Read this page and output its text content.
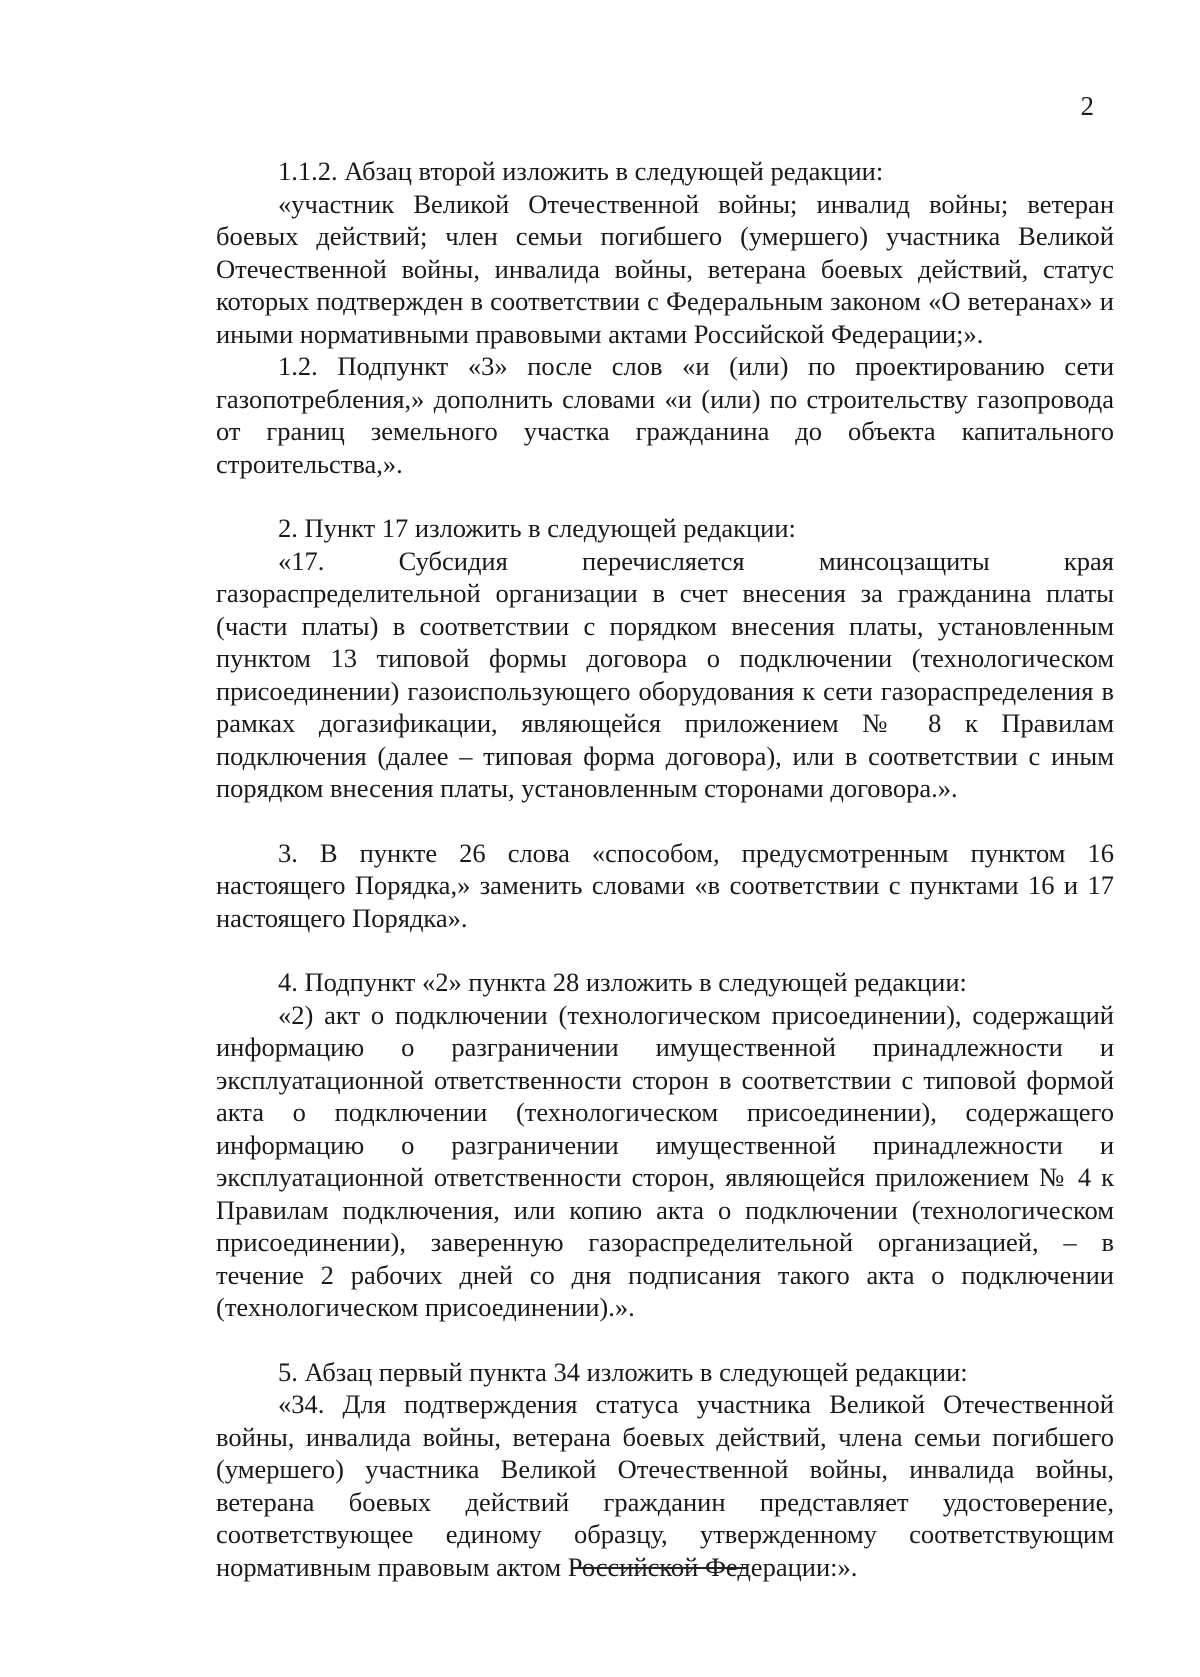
2

1.1.2. Абзац второй изложить в следующей редакции:

«участник Великой Отечественной войны; инвалид войны; ветеран боевых действий; член семьи погибшего (умершего) участника Великой Отечественной войны, инвалида войны, ветерана боевых действий, статус которых подтвержден в соответствии с Федеральным законом «О ветеранах» и иными нормативными правовыми актами Российской Федерации;».

1.2. Подпункт «3» после слов «и (или) по проектированию сети газопотребления,» дополнить словами «и (или) по строительству газопровода от границ земельного участка гражданина до объекта капитального строительства,».

2. Пункт 17 изложить в следующей редакции:

«17. Субсидия перечисляется минсоцзащиты края газораспределительной организации в счет внесения за гражданина платы (части платы) в соответствии с порядком внесения платы, установленным пунктом 13 типовой формы договора о подключении (технологическом присоединении) газоиспользующего оборудования к сети газораспределения в рамках догазификации, являющейся приложением № 8 к Правилам подключения (далее – типовая форма договора), или в соответствии с иным порядком внесения платы, установленным сторонами договора.».

3. В пункте 26 слова «способом, предусмотренным пунктом 16 настоящего Порядка,» заменить словами «в соответствии с пунктами 16 и 17 настоящего Порядка».

4. Подпункт «2» пункта 28 изложить в следующей редакции:

«2) акт о подключении (технологическом присоединении), содержащий информацию о разграничении имущественной принадлежности и эксплуатационной ответственности сторон в соответствии с типовой формой акта о подключении (технологическом присоединении), содержащего информацию о разграничении имущественной принадлежности и эксплуатационной ответственности сторон, являющейся приложением № 4 к Правилам подключения, или копию акта о подключении (технологическом присоединении), заверенную газораспределительной организацией, – в течение 2 рабочих дней со дня подписания такого акта о подключении (технологическом присоединении).».

5. Абзац первый пункта 34 изложить в следующей редакции:

«34. Для подтверждения статуса участника Великой Отечественной войны, инвалида войны, ветерана боевых действий, члена семьи погибшего (умершего) участника Великой Отечественной войны, инвалида войны, ветерана боевых действий гражданин представляет удостоверение, соответствующее единому образцу, утвержденному соответствующим нормативным правовым актом Российской Федерации:».
